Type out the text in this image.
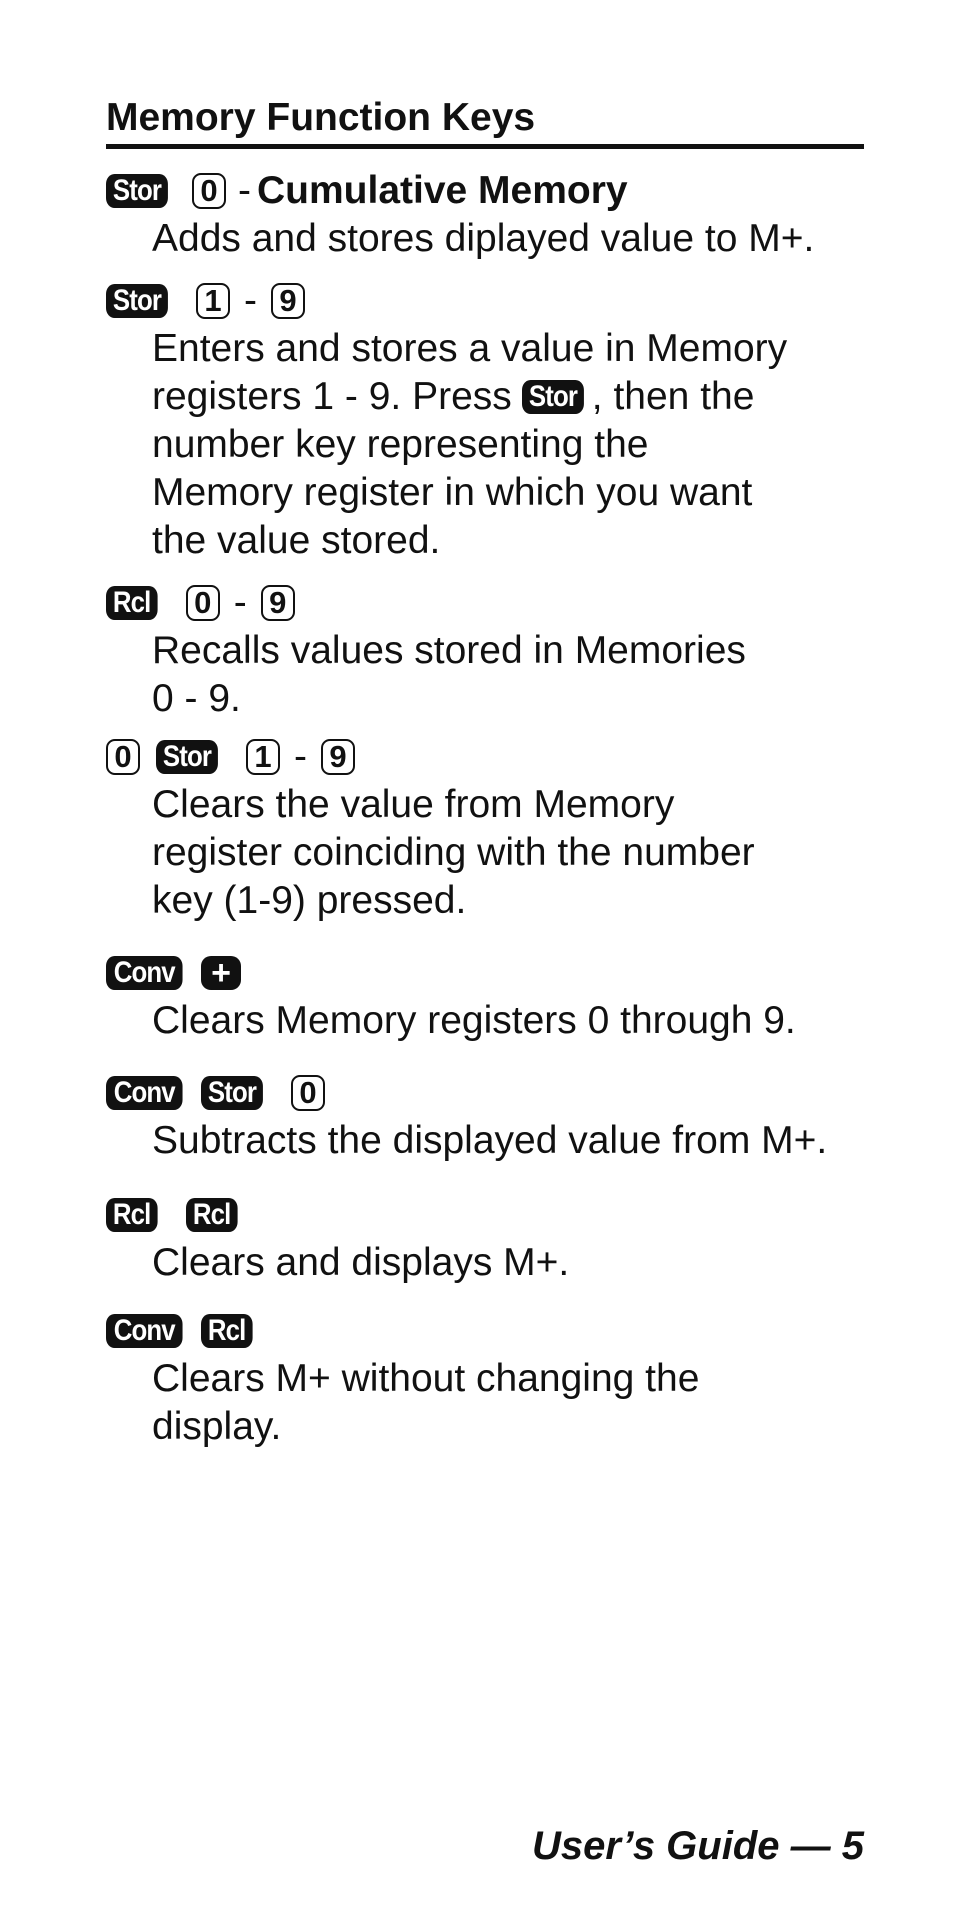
Memory Function Keys
Stor 0 - Cumulative Memory
Adds and stores diplayed value to M+.
Stor 1 - 9
Enters and stores a value in Memory
registers 1 - 9. Press Stor , then the
number key representing the
Memory register in which you want
the value stored.
Rcl 0 - 9
Recalls values stored in Memories
0 - 9.
0 Stor 1 - 9
Clears the value from Memory
register coinciding with the number
key (1-9) pressed.
Conv +
Clears Memory registers 0 through 9.
Conv Stor 0
Subtracts the displayed value from M+.
Rcl Rcl
Clears and displays M+.
Conv Rcl
Clears M+ without changing the
display.
User’s Guide — 5
